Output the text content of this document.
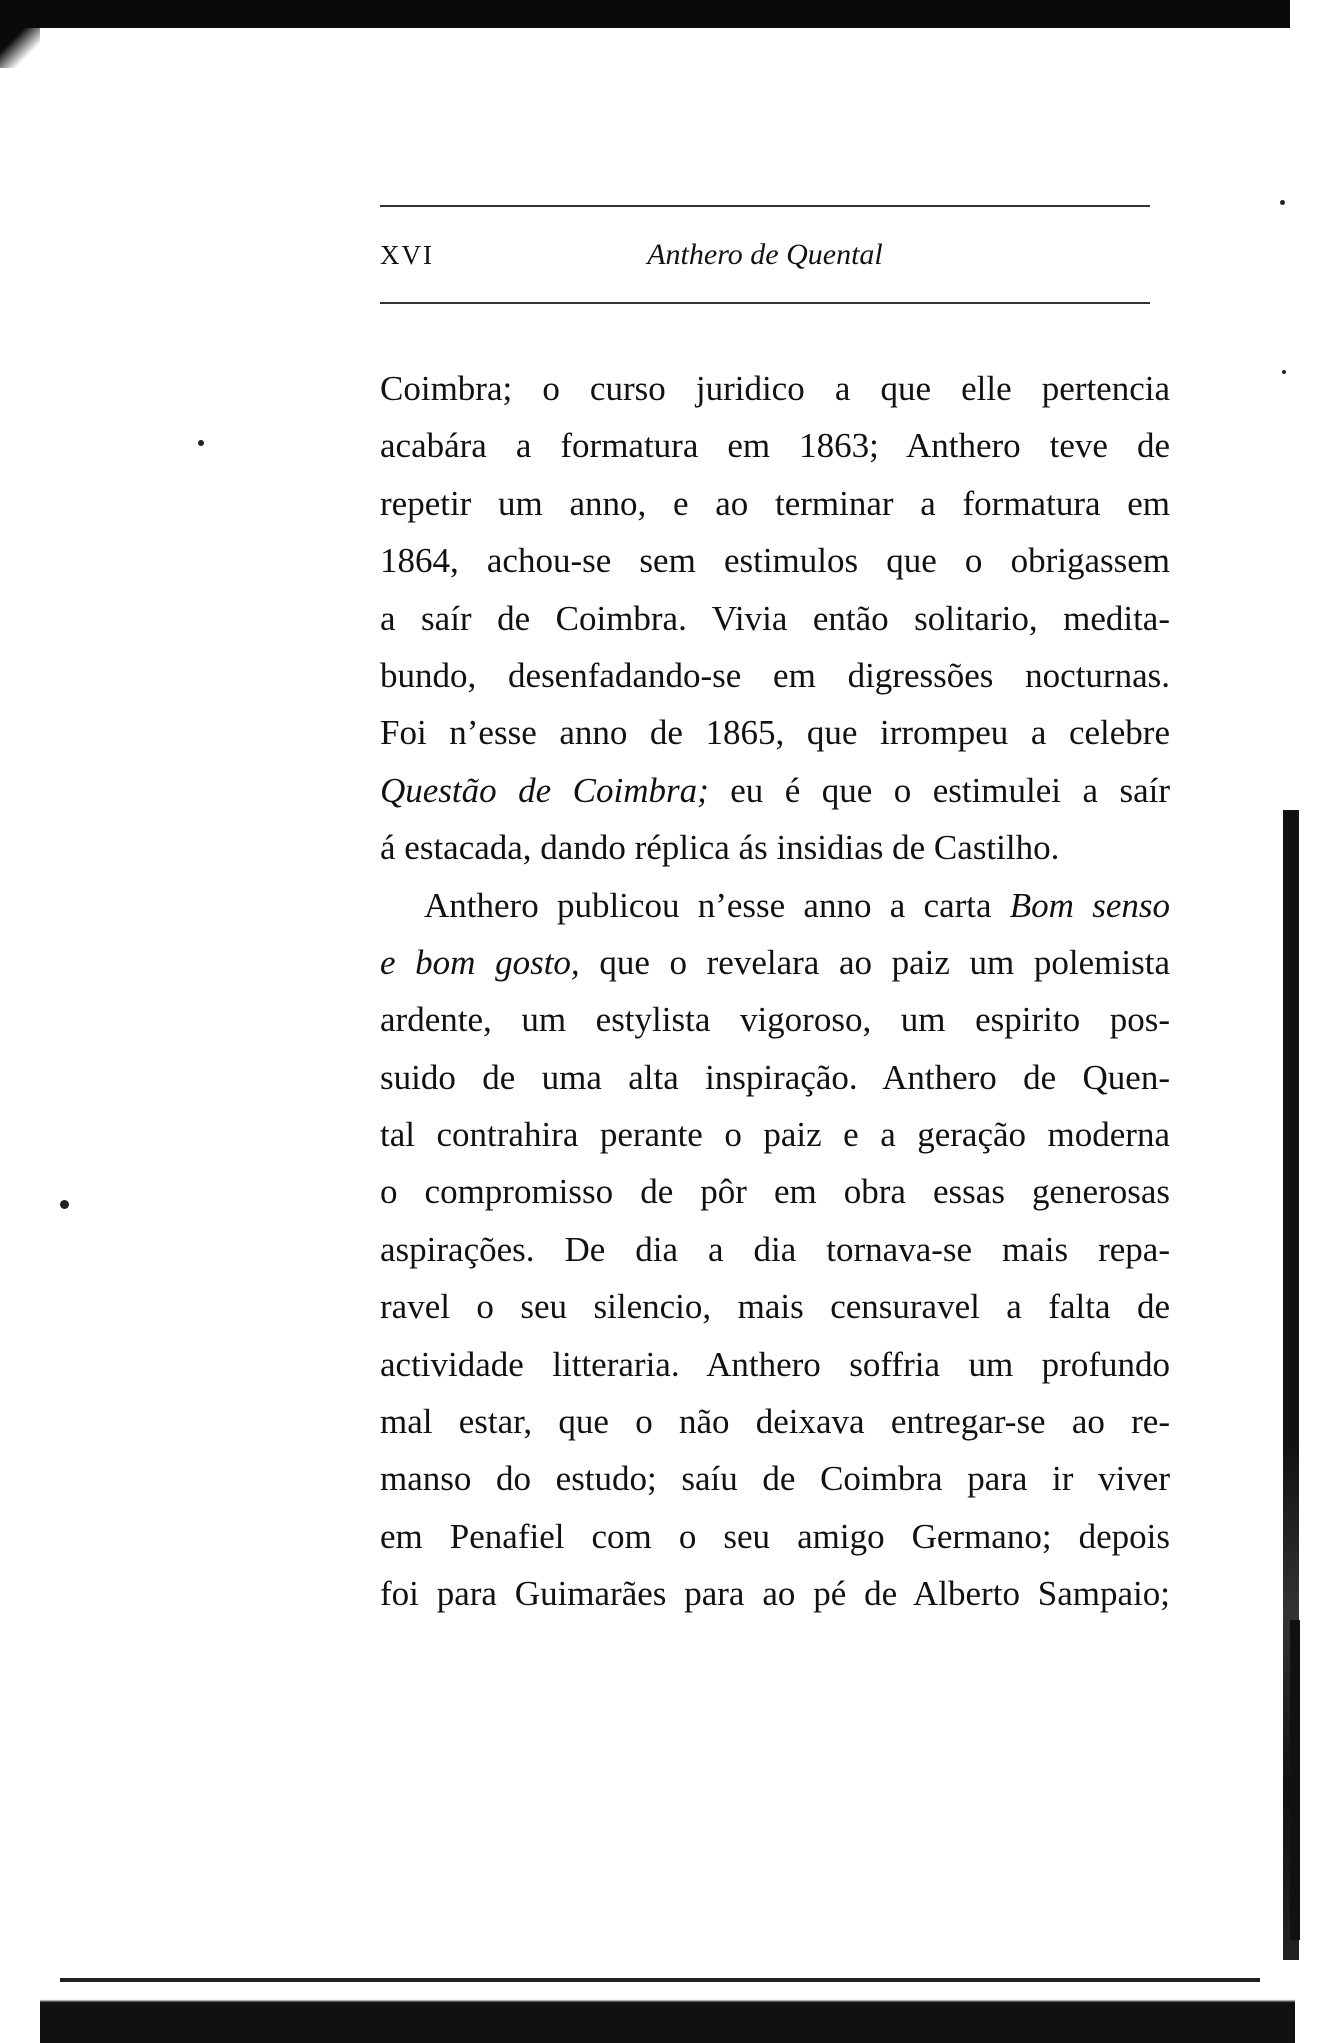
XVI	Anthero de Quental
Coimbra; o curso juridico a que elle pertencia
acabára a formatura em 1863; Anthero teve de
repetir um anno, e ao terminar a formatura em
1864, achou-se sem estimulos que o obrigassem
a saír de Coimbra. Vivia então solitario, medita-
bundo, desenfadando-se em digressões nocturnas.
Foi n’esse anno de 1865, que irrompeu a celebre
Questão de Coimbra; eu é que o estimulei a saír
á estacada, dando réplica ás insidias de Castilho.
Anthero publicou n’esse anno a carta Bom senso
e bom gosto, que o revelara ao paiz um polemista
ardente, um estylista vigoroso, um espirito pos-
suido de uma alta inspiração. Anthero de Quen-
tal contrahira perante o paiz e a geração moderna
o compromisso de pôr em obra essas generosas
aspirações. De dia a dia tornava-se mais repa-
ravel o seu silencio, mais censuravel a falta de
actividade litteraria. Anthero soffria um profundo
mal estar, que o não deixava entregar-se ao re-
manso do estudo; saíu de Coimbra para ir viver
em Penafiel com o seu amigo Germano; depois
foi para Guimarães para ao pé de Alberto Sampaio;
